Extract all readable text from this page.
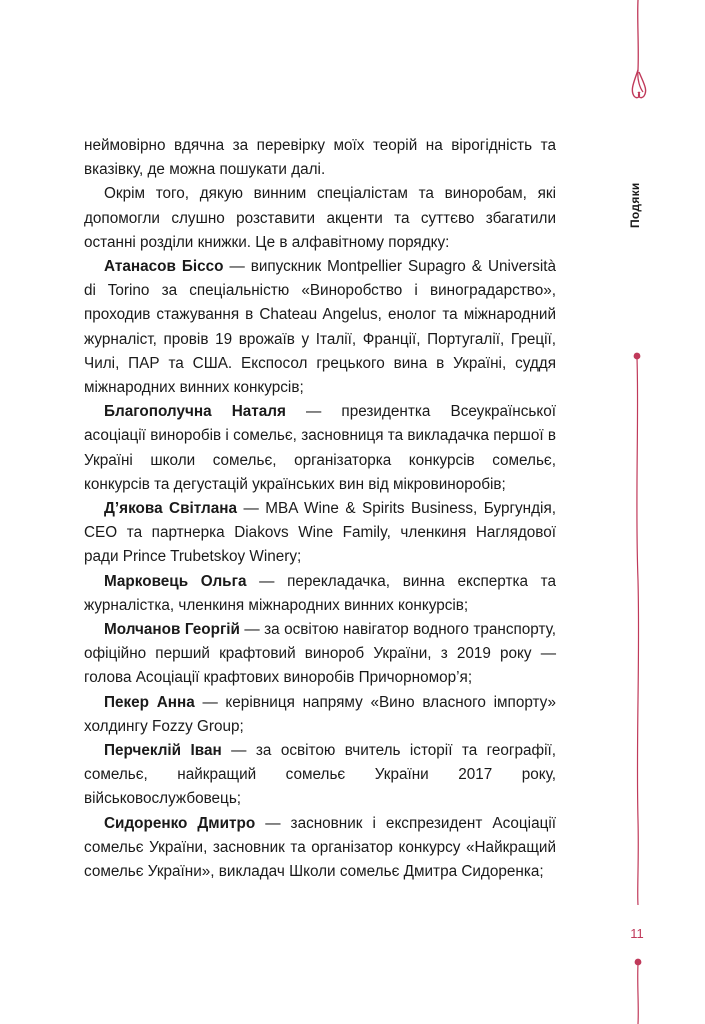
Подяки

неймовірно вдячна за перевірку моїх теорій на вірогідність та вказівку, де можна пошукати далі.

Окрім того, дякую винним спеціалістам та виноробам, які допомогли слушно розставити акценти та суттєво збагатили останні розділи книжки. Це в алфавітному порядку:

Атанасов Біссо — випускник Montpellier Supagro & Università di Torino за спеціальністю «Виноробство і виноградарство», проходив стажування в Chateau Angelus, енолог та міжнародний журналіст, провів 19 врожаїв у Італії, Франції, Португалії, Греції, Чилі, ПАР та США. Експосол грецького вина в Україні, суддя міжнародних винних конкурсів;

Благополучна Наталя — президентка Всеукраїнської асоціації виноробів і сомельє, засновниця та викладачка першої в Україні школи сомельє, організаторка конкурсів сомельє, конкурсів та дегустацій українських вин від мікровиноробів;

Д’якова Світлана — MBA Wine & Spirits Business, Бургундія, CEO та партнерка Diakovs Wine Family, членкиня Наглядової ради Prince Trubetskoy Winery;

Марковець Ольга — перекладачка, винна експертка та журналістка, членкиня міжнародних винних конкурсів;

Молчанов Георгій — за освітою навігатор водного транспорту, офіційно перший крафтовий винороб України, з 2019 року — голова Асоціації крафтових виноробів Причорномор’я;

Пекер Анна — керівниця напряму «Вино власного імпорту» холдингу Fozzy Group;

Перчеклій Іван — за освітою вчитель історії та географії, сомельє, найкращий сомельє України 2017 року, військовослужбовець;

Сидоренко Дмитро — засновник і експрезидент Асоціації сомельє України, засновник та організатор конкурсу «Найкращий сомельє України», викладач Школи сомельє Дмитра Сидоренка;

11
